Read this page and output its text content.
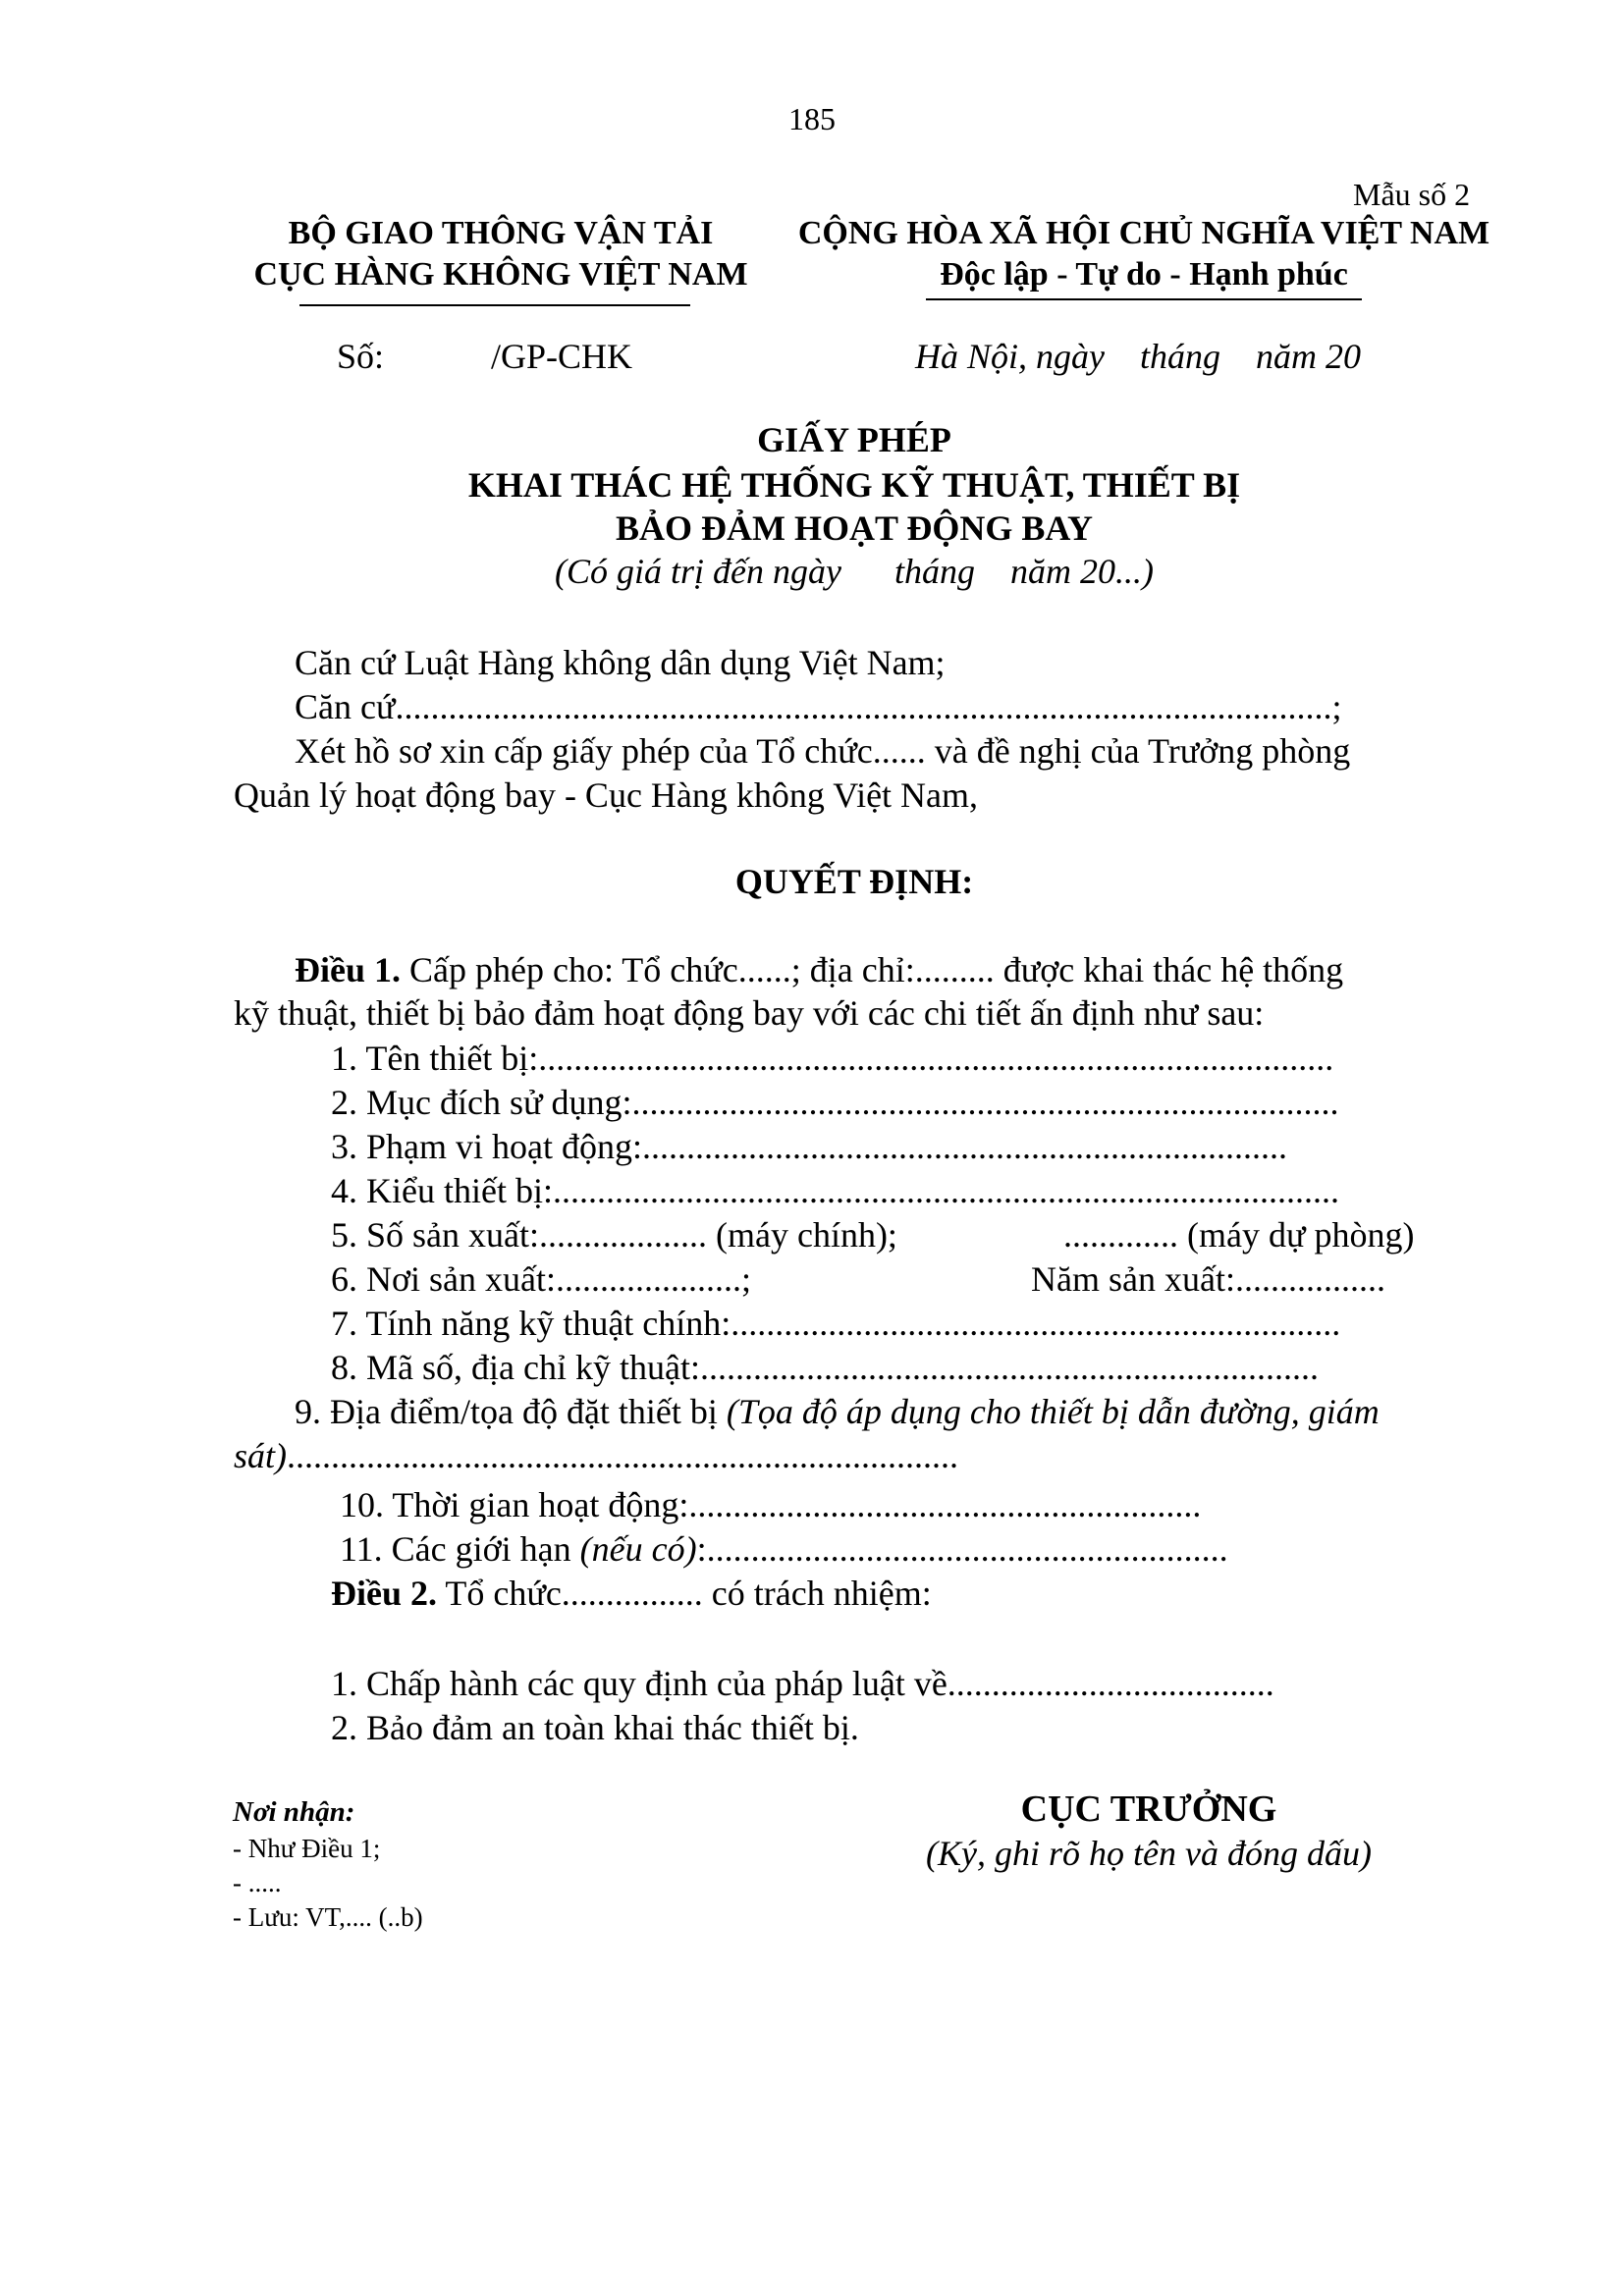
185
Mẫu số 2
BỘ GIAO THÔNG VẬN TẢI
CỤC HÀNG KHÔNG VIỆT NAM
CỘNG HÒA XÃ HỘI CHỦ NGHĨA VIỆT NAM
Độc lập - Tự do - Hạnh phúc
Số:	/GP-CHK	Hà Nội, ngày    tháng    năm 20
GIẤY PHÉP
KHAI THÁC HỆ THỐNG KỸ THUẬT, THIẾT BỊ
BẢO ĐẢM HOẠT ĐỘNG BAY
(Có giá trị đến ngày      tháng    năm 20...)
Căn cứ Luật Hàng không dân dụng Việt Nam;
Căn cứ..........................................................................................................;
Xét hồ sơ xin cấp giấy phép của Tổ chức...... và đề nghị của Trưởng phòng
Quản lý hoạt động bay - Cục Hàng không Việt Nam,
QUYẾT ĐỊNH:
Điều 1. Cấp phép cho: Tổ chức......; địa chỉ:......... được khai thác hệ thống
kỹ thuật, thiết bị bảo đảm hoạt động bay với các chi tiết ấn định như sau:
1. Tên thiết bị:..........................................................................................
2. Mục đích sử dụng:................................................................................
3. Phạm vi hoạt động:.........................................................................
4. Kiểu thiết bị:.........................................................................................
5. Số sản xuất:................... (máy chính);	............. (máy dự phòng)
6. Nơi sản xuất:.....................;	Năm sản xuất:.................
7. Tính năng kỹ thuật chính:.....................................................................
8. Mã số, địa chỉ kỹ thuật:......................................................................
9. Địa điểm/tọa độ đặt thiết bị (Tọa độ áp dụng cho thiết bị dẫn đường, giám
sát)............................................................................
10. Thời gian hoạt động:..........................................................
11. Các giới hạn (nếu có):...........................................................
Điều 2. Tổ chức................ có trách nhiệm:
1. Chấp hành các quy định của pháp luật về.....................................
2. Bảo đảm an toàn khai thác thiết bị.
Nơi nhận:
- Như Điều 1;
- .....
- Lưu: VT,.... (..b)
CỤC TRƯỞNG
(Ký, ghi rõ họ tên và đóng dấu)
